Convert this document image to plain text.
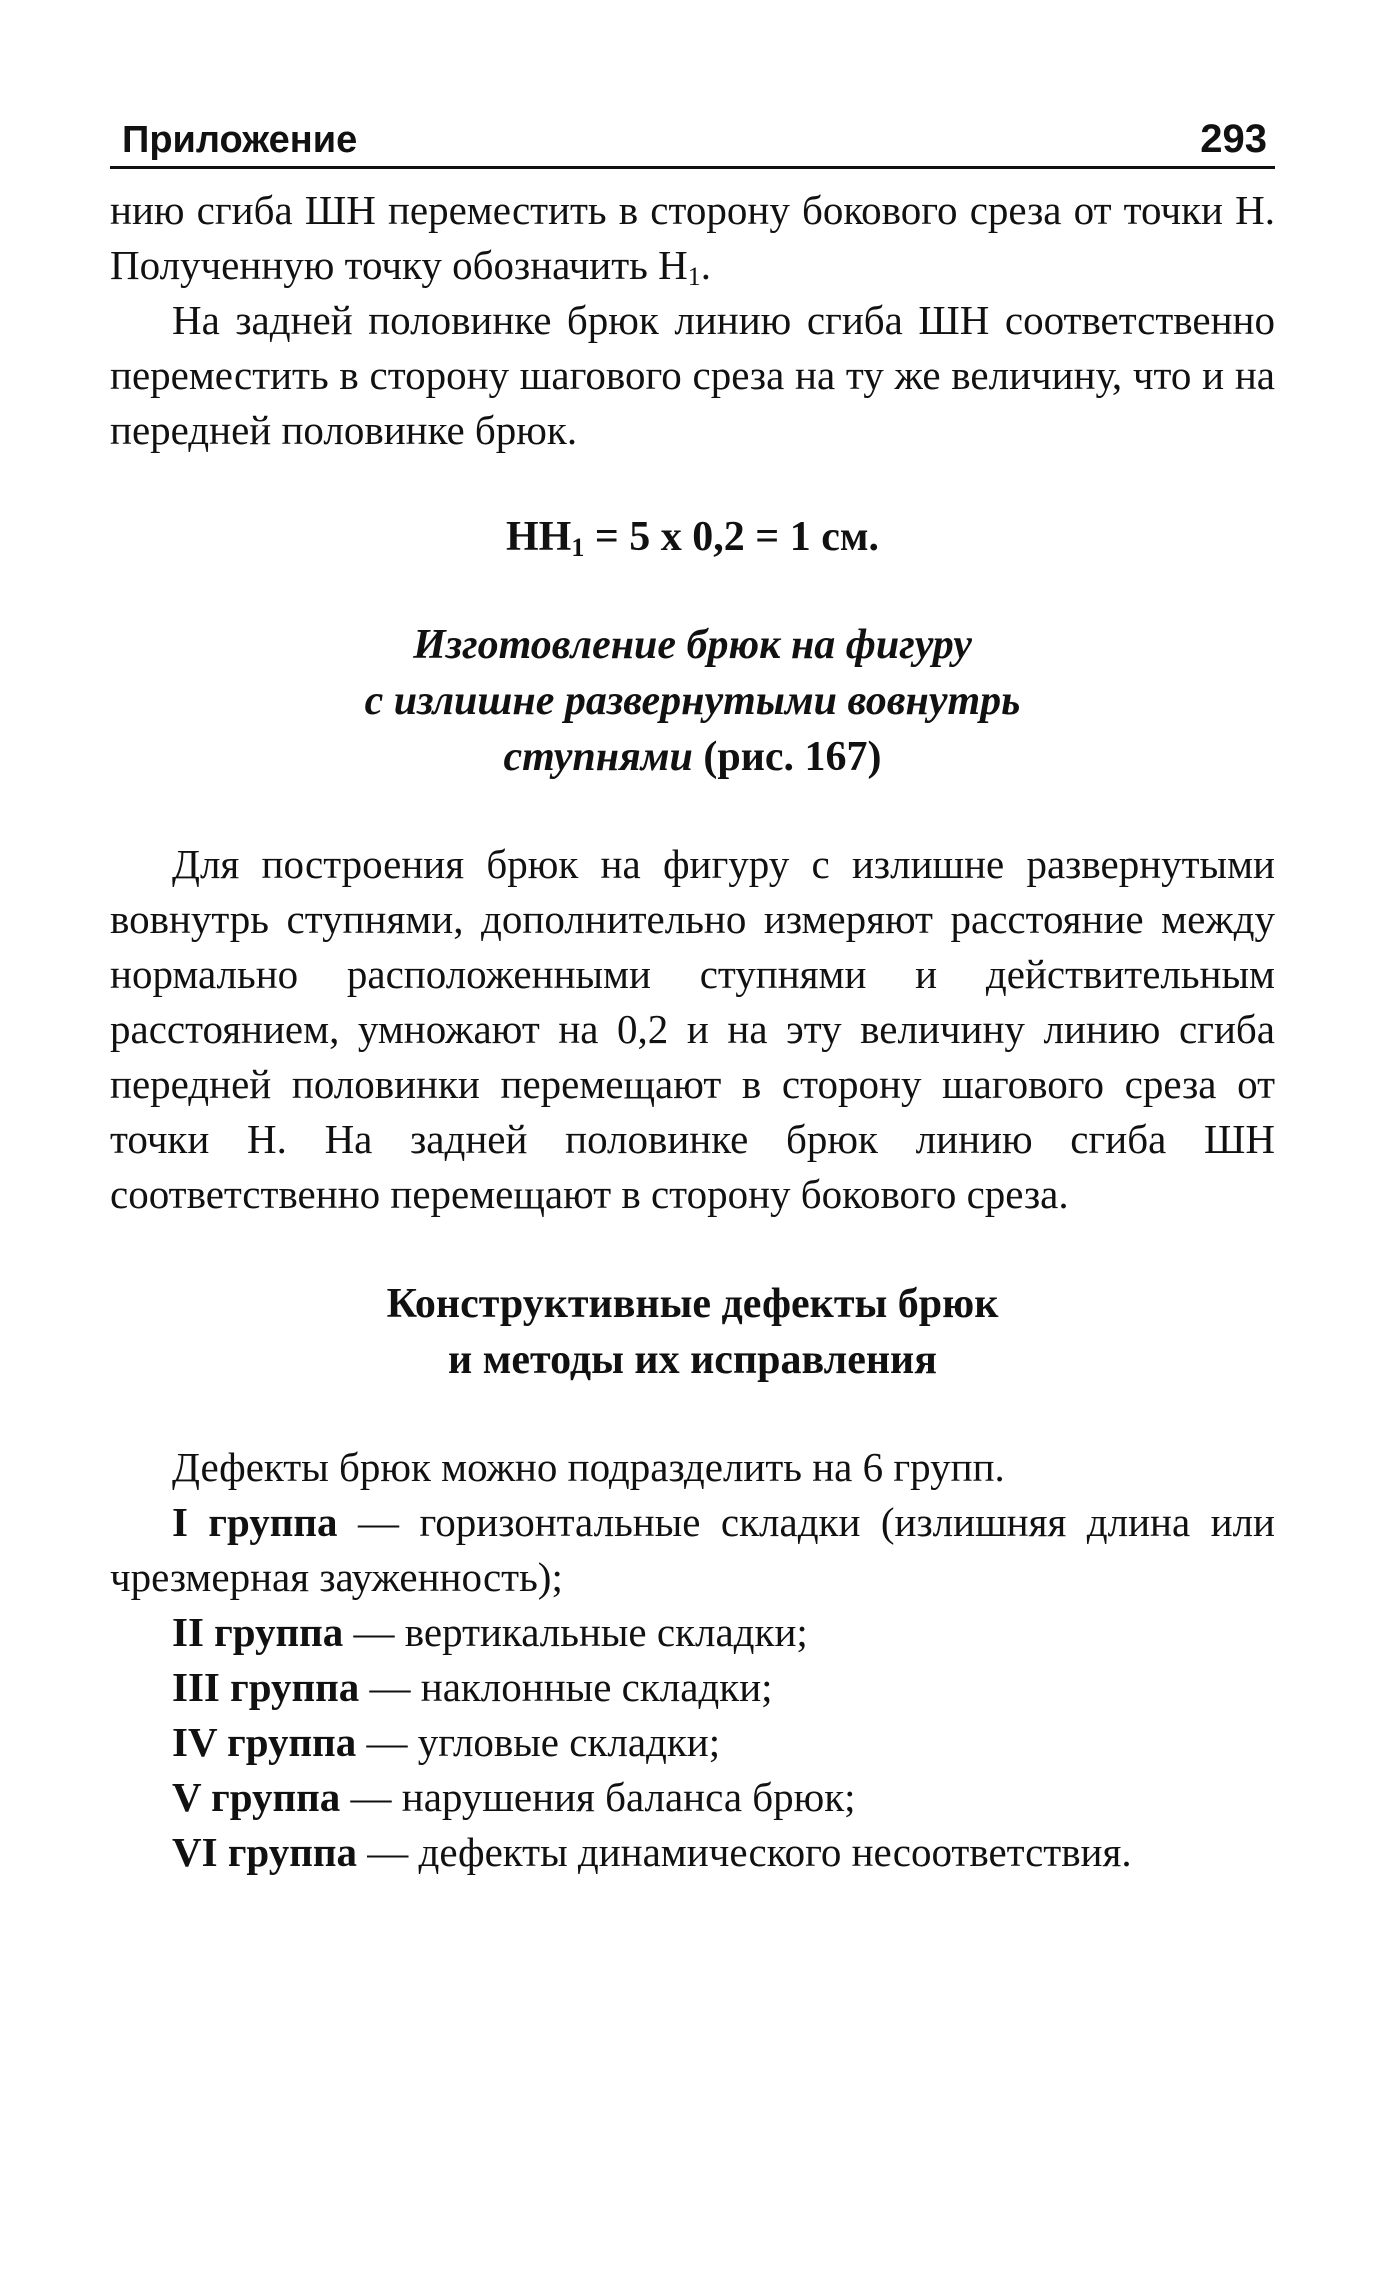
Приложение	293

нию сгиба ШН переместить в сторону бокового среза от точки Н. Полученную точку обозначить $Н_1$.

На задней половинке брюк линию сгиба ШН соответственно переместить в сторону шагового среза на ту же величину, что и на передней половинке брюк.

$НН_1 = 5$ х 0,2 = 1 см.
Изготовление брюк на фигуру
с излишне развернутыми вовнутрь
ступнями (рис. 167)

Для построения брюк на фигуру с излишне развернутыми вовнутрь ступнями, дополнительно измеряют расстояние между нормально расположенными ступнями и действительным расстоянием, умножают на 0,2 и на эту величину линию сгиба передней половинки перемещают в сторону шагового среза от точки Н. На задней половинке брюк линию сгиба ШН соответственно перемещают в сторону бокового среза.

Конструктивные дефекты брюк
и методы их исправления

Дефекты брюк можно подразделить на 6 групп.

I группа — горизонтальные складки (излишняя длина или чрезмерная зауженность);

II группа — вертикальные складки;

III группа — наклонные складки;

IV группа — угловые складки;

V группа — нарушения баланса брюк;

VI группа — дефекты динамического несоответствия.
